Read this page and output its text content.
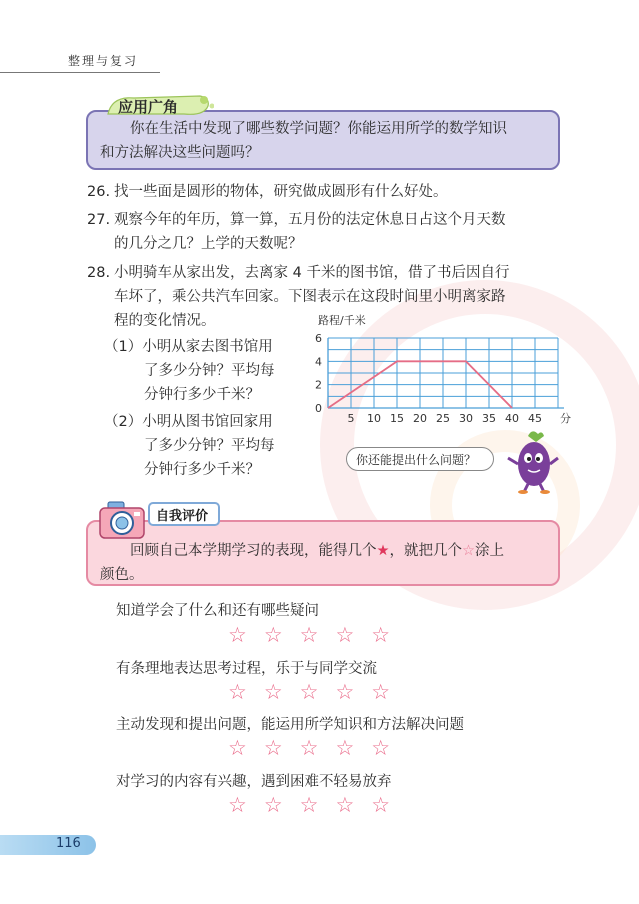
整理与复习
应用广角
你在生活中发现了哪些数学问题？你能运用所学的数学知识
和方法解决这些问题吗？
26. 找一些面是圆形的物体，研究做成圆形有什么好处。
27. 观察今年的年历，算一算，五月份的法定休息日占这个月天数
的几分之几？上学的天数呢？
28. 小明骑车从家出发，去离家 4 千米的图书馆，借了书后因自行
车坏了，乘公共汽车回家。下图表示在这段时间里小明离家路
程的变化情况。
（1）小明从家去图书馆用
了多少分钟？平均每
分钟行多少千米？
（2）小明从图书馆回家用
了多少分钟？平均每
分钟行多少千米？
5 10 15 20 25 30 35 40 45 分
2
4
6
0
路程/千米
你还能提出什么问题？
自我评价
回顾自己本学期学习的表现，能得几个★，就把几个☆涂上
颜色。
知道学会了什么和还有哪些疑问
☆☆☆☆☆
有条理地表达思考过程，乐于与同学交流
☆☆☆☆☆
主动发现和提出问题，能运用所学知识和方法解决问题
☆☆☆☆☆
对学习的内容有兴趣，遇到困难不轻易放弃
☆☆☆☆☆
116
